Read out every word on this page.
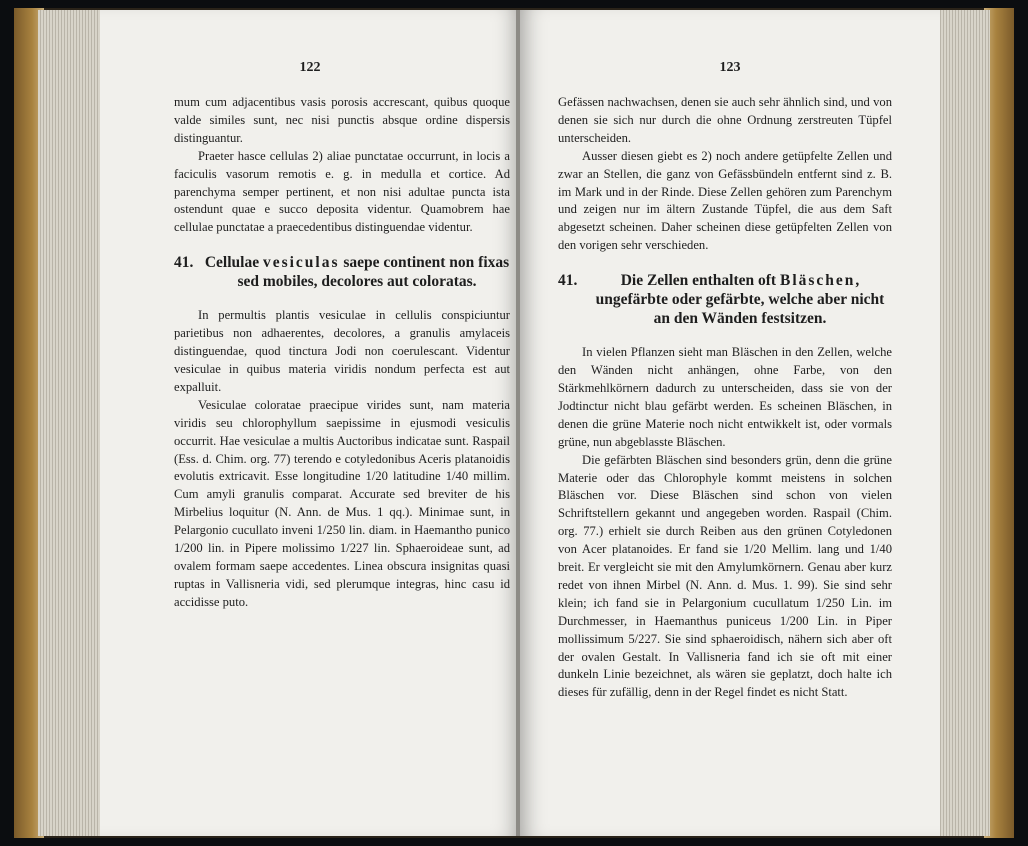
122

mum cum adjacentibus vasis porosis accrescant, quibus quoque valde similes sunt, nec nisi punctis absque ordine dispersis distinguantur.

Praeter hasce cellulas 2) aliae punctatae occurrunt, in locis a faciculis vasorum remotis e. g. in medulla et cortice. Ad parenchyma semper pertinent, et non nisi adultae puncta ista ostendunt quae e succo deposita videntur. Quamobrem hae cellulae punctatae a praecedentibus distinguendae videntur.

41. Cellulae vesiculas saepe continent non fixas sed mobiles, decolores aut coloratas.

In permultis plantis vesiculae in cellulis conspiciuntur parietibus non adhaerentes, decolores, a granulis amylaceis distinguendae, quod tinctura Jodi non coerulescant. Videntur vesiculae in quibus materia viridis nondum perfecta est aut expalluit.

Vesiculae coloratae praecipue virides sunt, nam materia viridis seu chlorophyllum saepissime in ejusmodi vesiculis occurrit. Hae vesiculae a multis Auctoribus indicatae sunt. Raspail (Ess. d. Chim. org. 77) terendo e cotyledonibus Aceris platanoidis evolutis extricavit. Esse longitudine 1/20 latitudine 1/40 millim. Cum amyli granulis comparat. Accurate sed breviter de his Mirbelius loquitur (N. Ann. de Mus. 1 qq.). Minimae sunt, in Pelargonio cucullato inveni 1/250 lin. diam. in Haemantho punico 1/200 lin. in Pipere molissimo 1/227 lin. Sphaeroideae sunt, ad ovalem formam saepe accedentes. Linea obscura insignitas quasi ruptas in Vallisneria vidi, sed plerumque integras, hinc casu id accidisse puto.

123

Gefässen nachwachsen, denen sie auch sehr ähnlich sind, und von denen sie sich nur durch die ohne Ordnung zerstreuten Tüpfel unterscheiden.

Ausser diesen giebt es 2) noch andere getüpfelte Zellen und zwar an Stellen, die ganz von Gefässbündeln entfernt sind z. B. im Mark und in der Rinde. Diese Zellen gehören zum Parenchym und zeigen nur im ältern Zustande Tüpfel, die aus dem Saft abgesetzt scheinen. Daher scheinen diese getüpfelten Zellen von den vorigen sehr verschieden.

41.	Die Zellen enthalten oft Bläschen, ungefärbte oder gefärbte, welche aber nicht an den Wänden festsitzen.

In vielen Pflanzen sieht man Bläschen in den Zellen, welche den Wänden nicht anhängen, ohne Farbe, von den Stärkmehlkörnern dadurch zu unterscheiden, dass sie von der Jodtinctur nicht blau gefärbt werden. Es scheinen Bläschen, in denen die grüne Materie noch nicht entwikkelt ist, oder vormals grüne, nun abgeblasste Bläschen.

Die gefärbten Bläschen sind besonders grün, denn die grüne Materie oder das Chlorophyle kommt meistens in solchen Bläschen vor. Diese Bläschen sind schon von vielen Schriftstellern gekannt und angegeben worden. Raspail (Chim. org. 77.) erhielt sie durch Reiben aus den grünen Cotyledonen von Acer platanoides. Er fand sie 1/20 Mellim. lang und 1/40 breit. Er vergleicht sie mit den Amylumkörnern. Genau aber kurz redet von ihnen Mirbel (N. Ann. d. Mus. 1. 99). Sie sind sehr klein; ich fand sie in Pelargonium cucullatum 1/250 Lin. im Durchmesser, in Haemanthus puniceus 1/200 Lin. in Piper mollissimum 5/227. Sie sind sphaeroidisch, nähern sich aber oft der ovalen Gestalt. In Vallisneria fand ich sie oft mit einer dunkeln Linie bezeichnet, als wären sie geplatzt, doch halte ich dieses für zufällig, denn in der Regel findet es nicht Statt.
